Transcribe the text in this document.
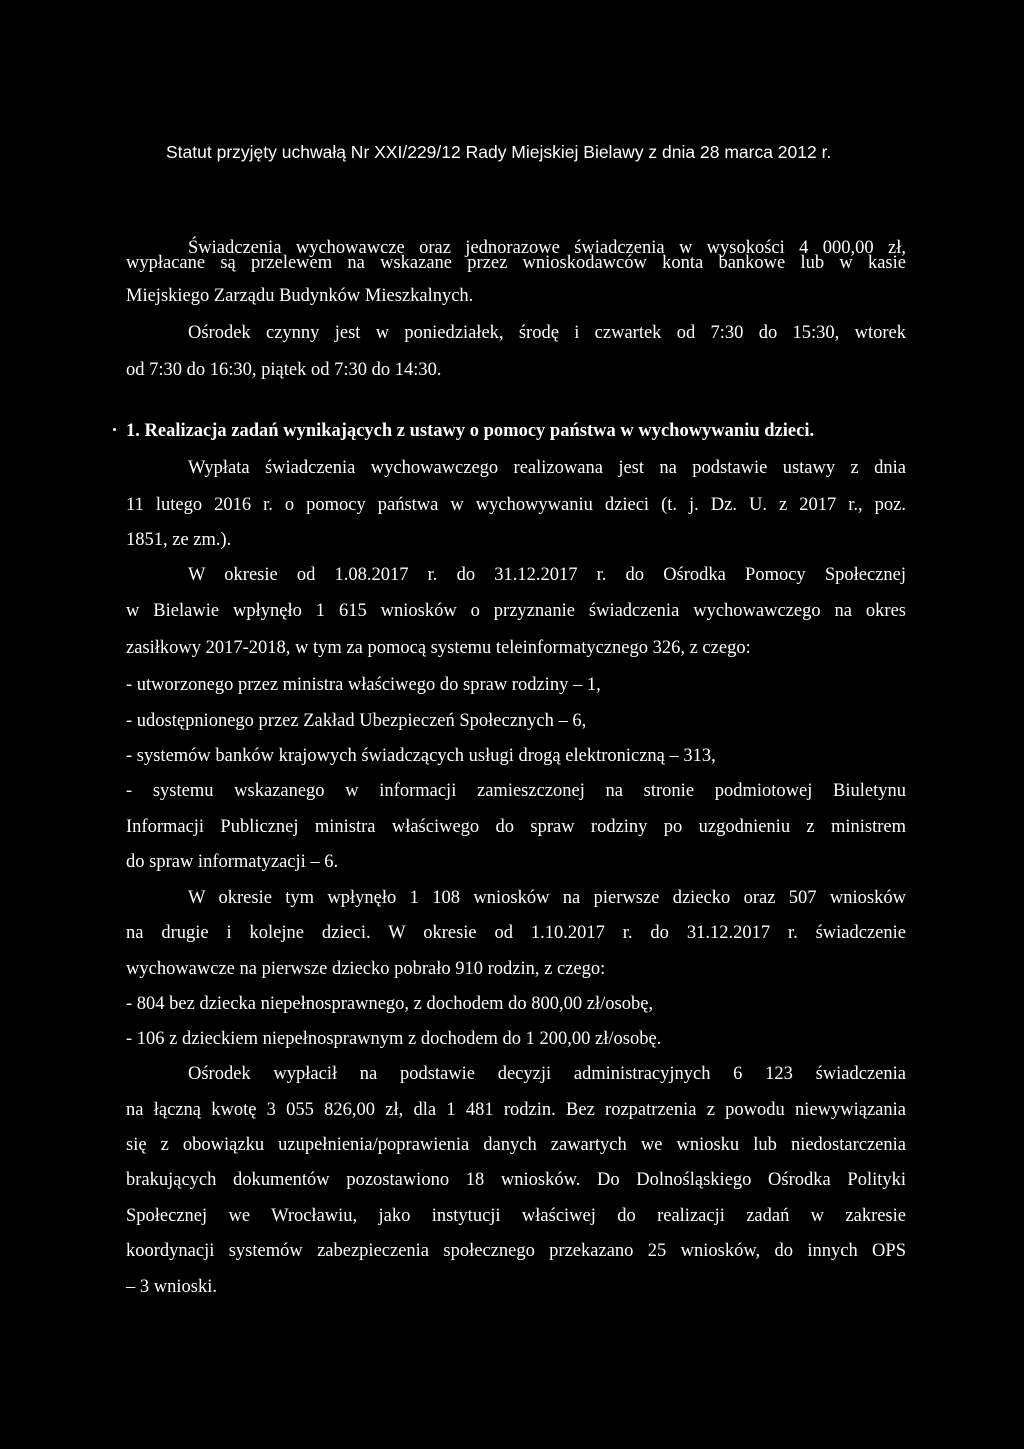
Statut przyjęty uchwałą Nr XXI/229/12 Rady Miejskiej Bielawy z dnia 28 marca 2012 r.
Świadczenia wychowawcze oraz jednorazowe świadczenia w wysokości 4 000,00 zł,
wypłacane są przelewem na wskazane przez wnioskodawców konta bankowe lub w kasie
Miejskiego Zarządu Budynków Mieszkalnych.
Ośrodek czynny jest w poniedziałek, środę i czwartek od 7:30 do 15:30, wtorek
od 7:30 do 16:30, piątek od 7:30 do 14:30.
1. Realizacja zadań wynikających z ustawy o pomocy państwa w wychowywaniu dzieci.
Wypłata świadczenia wychowawczego realizowana jest na podstawie ustawy z dnia
11 lutego 2016 r. o pomocy państwa w wychowywaniu dzieci (t. j. Dz. U. z 2017 r., poz.
1851, ze zm.).
W okresie od 1.08.2017 r. do 31.12.2017 r. do Ośrodka Pomocy Społecznej
w Bielawie wpłynęło 1 615 wniosków o przyznanie świadczenia wychowawczego na okres
zasiłkowy 2017-2018, w tym za pomocą systemu teleinformatycznego 326, z czego:
- utworzonego przez ministra właściwego do spraw rodziny – 1,
- udostępnionego przez Zakład Ubezpieczeń Społecznych – 6,
- systemów banków krajowych świadczących usługi drogą elektroniczną – 313,
- systemu wskazanego w informacji zamieszczonej na stronie podmiotowej Biuletynu
Informacji Publicznej ministra właściwego do spraw rodziny po uzgodnieniu z ministrem
do spraw informatyzacji – 6.
W okresie tym wpłynęło 1 108 wniosków na pierwsze dziecko oraz 507 wniosków
na drugie i kolejne dzieci. W okresie od 1.10.2017 r. do 31.12.2017 r. świadczenie
wychowawcze na pierwsze dziecko pobrało 910 rodzin, z czego:
- 804 bez dziecka niepełnosprawnego, z dochodem do 800,00 zł/osobę,
- 106 z dzieckiem niepełnosprawnym z dochodem do 1 200,00 zł/osobę.
Ośrodek wypłacił na podstawie decyzji administracyjnych 6 123 świadczenia
na łączną kwotę 3 055 826,00 zł, dla 1 481 rodzin. Bez rozpatrzenia z powodu niewywiązania
się z obowiązku uzupełnienia/poprawienia danych zawartych we wniosku lub niedostarczenia
brakujących dokumentów pozostawiono 18 wniosków. Do Dolnośląskiego Ośrodka Polityki
Społecznej we Wrocławiu, jako instytucji właściwej do realizacji zadań w zakresie
koordynacji systemów zabezpieczenia społecznego przekazano 25 wniosków, do innych OPS
– 3 wnioski.
